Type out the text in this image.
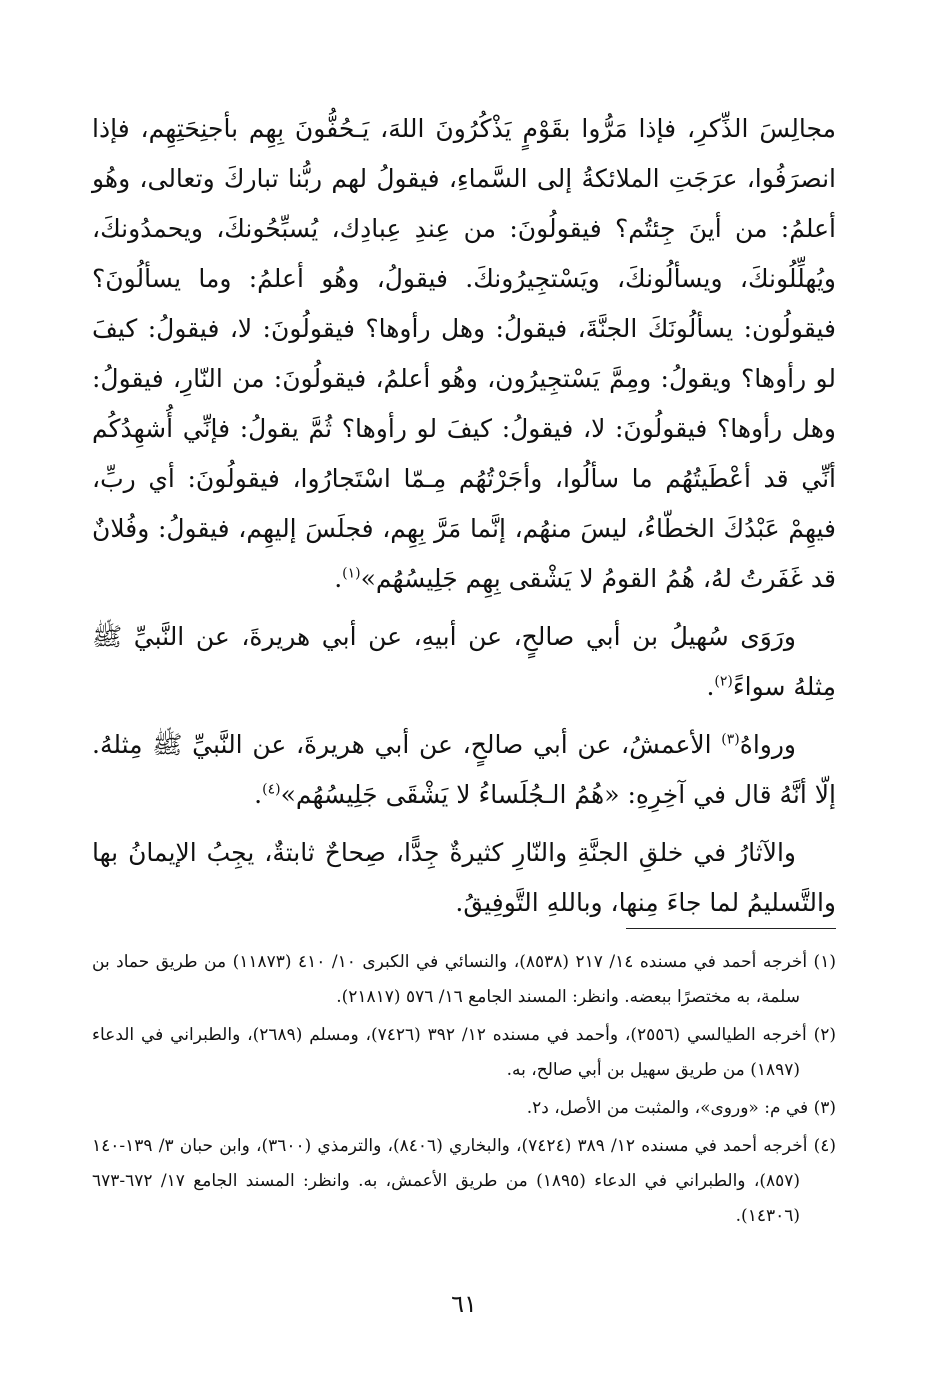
مجالِسَ الذِّكرِ، فإذا مَرُّوا بقَوْمٍ يَذْكُرُونَ اللهَ، يَـحُفُّونَ بِهِم بأجنِحَتِهِم، فإذا انصرَفُوا، عرَجَتِ الملائكةُ إلى السَّماءِ، فيقولُ لهم ربُّنا تباركَ وتعالى، وهُو أعلمُ: من أينَ جِئتُم؟ فيقولُونَ: من عِندِ عِبادِك، يُسبِّحُونكَ، ويحمدُونكَ، ويُهلِّلُونكَ، ويسألُونكَ، ويَسْتجِيرُونكَ. فيقولُ، وهُو أعلمُ: وما يسألُونَ؟ فيقولُون: يسألُونَكَ الجنَّةَ، فيقولُ: وهل رأوها؟ فيقولُونَ: لا، فيقولُ: كيفَ لو رأوها؟ ويقولُ: ومِمَّ يَسْتجِيرُون، وهُو أعلمُ، فيقولُونَ: من النّارِ، فيقولُ: وهل رأوها؟ فيقولُونَ: لا، فيقولُ: كيفَ لو رأوها؟ ثُمَّ يقولُ: فإنِّي أُشهِدُكُم أنِّي قد أعْطَيتُهُم ما سألُوا، وأجَرْتُهُم مِـمّا اسْتَجارُوا، فيقولُونَ: أي ربِّ، فيهِمْ عَبْدُكَ الخطّاءُ، ليسَ منهُم، إنَّما مَرَّ بِهِم، فجلَسَ إليهِم، فيقولُ: وفُلانٌ قد غَفَرتُ لهُ، هُمُ القومُ لا يَشْقى بِهِم جَلِيسُهُم»$^{(١)}$.

ورَوَى سُهيلُ بن أبي صالحٍ، عن أبيهِ، عن أبي هريرةَ، عن النَّبيِّ ﷺ مِثلهُ سواءً$^{(٢)}$.

ورواهُ$^{(٣)}$ الأعمشُ، عن أبي صالحٍ، عن أبي هريرةَ، عن النَّبيِّ ﷺ مِثلهُ. إلّا أنَّهُ قال في آخِرِهِ: «هُمُ الـجُلَساءُ لا يَشْقَى جَلِيسُهُم»$^{(٤)}$.

والآثارُ في خلقِ الجنَّةِ والنّارِ كثيرةٌ جِدًّا، صِحاحٌ ثابتةٌ، يجِبُ الإيمانُ بها والتَّسليمُ لما جاءَ مِنها، وباللهِ التَّوفِيقُ.

(١) أخرجه أحمد في مسنده ١٤/ ٢١٧ (٨٥٣٨)، والنسائي في الكبرى ١٠/ ٤١٠ (١١٨٧٣) من طريق حماد بن سلمة، به مختصرًا ببعضه. وانظر: المسند الجامع ١٦/ ٥٧٦ (٢١٨١٧).

(٢) أخرجه الطيالسي (٢٥٥٦)، وأحمد في مسنده ١٢/ ٣٩٢ (٧٤٢٦)، ومسلم (٢٦٨٩)، والطبراني في الدعاء (١٨٩٧) من طريق سهيل بن أبي صالح، به.

(٣) في م: «وروى»، والمثبت من الأصل، د٢.

(٤) أخرجه أحمد في مسنده ١٢/ ٣٨٩ (٧٤٢٤)، والبخاري (٨٤٠٦)، والترمذي (٣٦٠٠)، وابن حبان ٣/ ١٣٩-١٤٠ (٨٥٧)، والطبراني في الدعاء (١٨٩٥) من طريق الأعمش، به. وانظر: المسند الجامع ١٧/ ٦٧٢-٦٧٣ (١٤٣٠٦).

٦١
